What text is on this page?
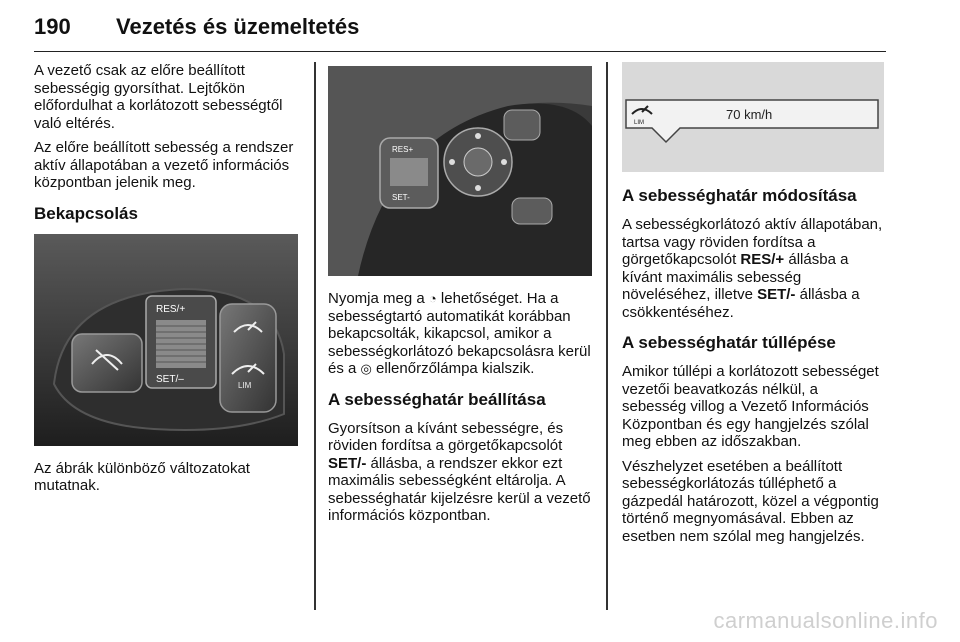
190 Vezetés és üzemeltetés

A vezető csak az előre beállított sebességig gyorsíthat. Lejtőkön előfordulhat a korlátozott sebességtől való eltérés.

Az előre beállított sebesség a rendszer aktív állapotában a vezető információs központban jelenik meg.

Bekapcsolás
RES/+
SET/–
LIM

Az ábrák különböző változatokat mutatnak.

RES+
SET-

Nyomja meg a ◔ lehetőséget. Ha a sebességtartó automatikát korábban bekapcsolták, kikapcsol, amikor a sebességkorlátozó bekapcsolásra kerül és a ◎ ellenőrzőlámpa kialszik.

A sebességhatár beállítása

Gyorsítson a kívánt sebességre, és röviden fordítsa a görgetőkapcsolót SET/- állásba, a rendszer ekkor ezt maximális sebességként eltárolja. A sebességhatár kijelzésre kerül a vezető információs központban.

LIM
70 km/h
A sebességhatár módosítása

A sebességkorlátozó aktív állapotában, tartsa vagy röviden fordítsa a görgetőkapcsolót RES/+ állásba a kívánt maximális sebesség növeléséhez, illetve SET/- állásba a csökkentéséhez.

A sebességhatár túllépése

Amikor túllépi a korlátozott sebességet vezetői beavatkozás nélkül, a sebesség villog a Vezető Információs Központban és egy hangjelzés szólal meg ebben az időszakban.

Vészhelyzet esetében a beállított sebességkorlátozás túlléphető a gázpedál határozott, közel a végpontig történő megnyomásával. Ebben az esetben nem szólal meg hangjelzés.

carmanualsonline.info
